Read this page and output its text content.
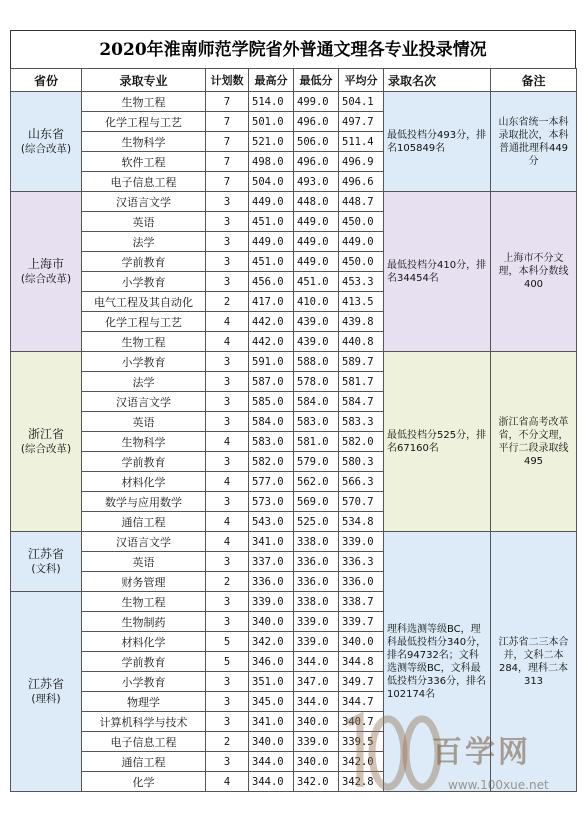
2020年淮南师范学院省外普通文理各专业投录情况
省份	录取专业	计划数	最高分	最低分	平均分	录取名次	备注

山东省
(综合改革)	生物工程	7	514.0	499.0	504.1	最低投档分493分，排名105849名	山东省统一本科录取批次，本科普通批理科449分
	化学工程与工艺	7	501.0	496.0	497.7		
	生物科学	7	521.0	506.0	511.4		
	软件工程	7	498.0	496.0	496.9		
	电子信息工程	7	504.0	493.0	496.6		

上海市
(综合改革)	汉语言文学	3	449.0	448.0	448.7	最低投档分410分，排名34454名	上海市不分文理，本科分数线400
	英语	3	451.0	449.0	450.0		
	法学	3	449.0	449.0	449.0		
	学前教育	3	451.0	449.0	450.0		
	小学教育	3	456.0	451.0	453.3		
	电气工程及其自动化	2	417.0	410.0	413.5		
	化学工程与工艺	4	442.0	439.0	439.8		
	生物工程	4	442.0	439.0	440.8		

浙江省
(综合改革)	小学教育	3	591.0	588.0	589.7	最低投档分525分，排名67160名	浙江省高考改革省，不分文理，平行二段录取线495
	法学	3	587.0	578.0	581.7		
	汉语言文学	3	585.0	584.0	584.7		
	英语	3	584.0	583.0	583.3		
	生物科学	4	583.0	581.0	582.0		
	学前教育	3	582.0	579.0	580.3		
	材料化学	4	577.0	562.0	566.3		
	数学与应用数学	3	573.0	569.0	570.7		
	通信工程	4	543.0	525.0	534.8		

江苏省
(文科)	汉语言文学	4	341.0	338.0	339.0	理科选测等级BC，理科最低投档分340分，排名94732名；文科选测等级BC，文科最低投档分336分，排名102174名	江苏省二三本合并，文科二本284，理科二本313
	英语	3	337.0	336.0	336.3		
	财务管理	2	336.0	336.0	336.0		

江苏省
(理科)	生物工程	3	339.0	338.0	338.7		
	生物制药	3	340.0	339.0	339.7		
	材料化学	5	342.0	339.0	340.0		
	学前教育	5	346.0	344.0	344.8		
	小学教育	3	351.0	347.0	349.7		
	物理学	3	345.0	344.0	344.7		
	计算机科学与技术	3	341.0	340.0	340.7		
	电子信息工程	2	340.0	339.0	339.5		
	通信工程	3	344.0	340.0	342.0		
	化学	4	344.0	342.0	342.8		
百学网
www.100xue.net
